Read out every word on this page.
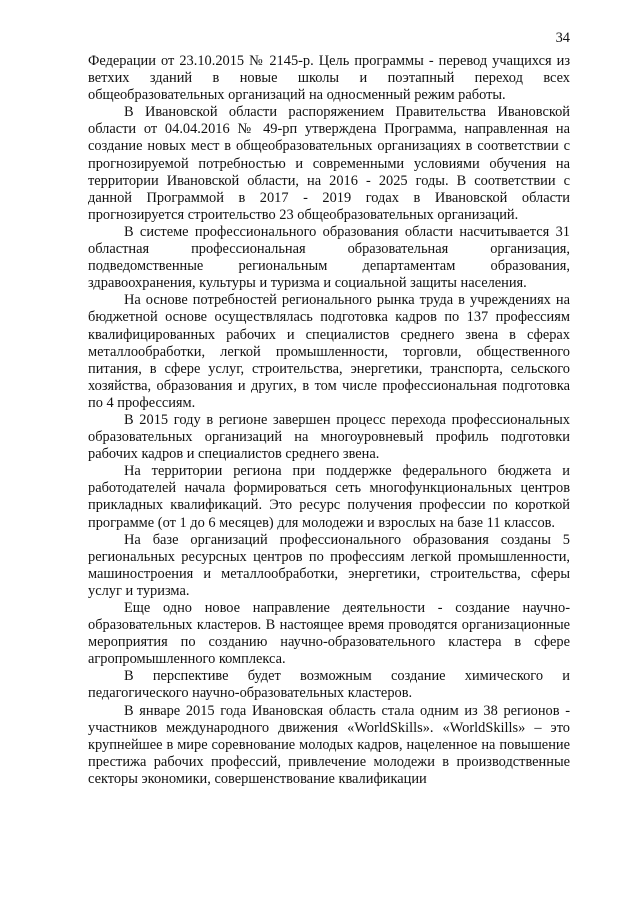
34

Федерации от 23.10.2015 № 2145-р. Цель программы - перевод учащихся из ветхих зданий в новые школы и поэтапный переход всех общеобразовательных организаций на односменный режим работы.

В Ивановской области распоряжением Правительства Ивановской области от 04.04.2016 № 49-рп утверждена Программа, направленная на создание новых мест в общеобразовательных организациях в соответствии с прогнозируемой потребностью и современными условиями обучения на территории Ивановской области, на 2016 - 2025 годы. В соответствии с данной Программой в 2017 - 2019 годах в Ивановской области прогнозируется строительство 23 общеобразовательных организаций.

В системе профессионального образования области насчитывается 31 областная профессиональная образовательная организация, подведомственные региональным департаментам образования, здравоохранения, культуры и туризма и социальной защиты населения.

На основе потребностей регионального рынка труда в учреждениях на бюджетной основе осуществлялась подготовка кадров по 137 профессиям квалифицированных рабочих и специалистов среднего звена в сферах металлообработки, легкой промышленности, торговли, общественного питания, в сфере услуг, строительства, энергетики, транспорта, сельского хозяйства, образования и других, в том числе профессиональная подготовка по 4 профессиям.

В 2015 году в регионе завершен процесс перехода профессиональных образовательных организаций на многоуровневый профиль подготовки рабочих кадров и специалистов среднего звена.

На территории региона при поддержке федерального бюджета и работодателей начала формироваться сеть многофункциональных центров прикладных квалификаций. Это ресурс получения профессии по короткой программе (от 1 до 6 месяцев) для молодежи и взрослых на базе 11 классов.

На базе организаций профессионального образования созданы 5 региональных ресурсных центров по профессиям легкой промышленности, машиностроения и металлообработки, энергетики, строительства, сферы услуг и туризма.

Еще одно новое направление деятельности - создание научно-образовательных кластеров. В настоящее время проводятся организационные мероприятия по созданию научно-образовательного кластера в сфере агропромышленного комплекса.

В перспективе будет возможным создание химического и педагогического научно-образовательных кластеров.

В январе 2015 года Ивановская область стала одним из 38 регионов - участников международного движения «WorldSkills». «WorldSkills» – это крупнейшее в мире соревнование молодых кадров, нацеленное на повышение престижа рабочих профессий, привлечение молодежи в производственные секторы экономики, совершенствование квалификации
